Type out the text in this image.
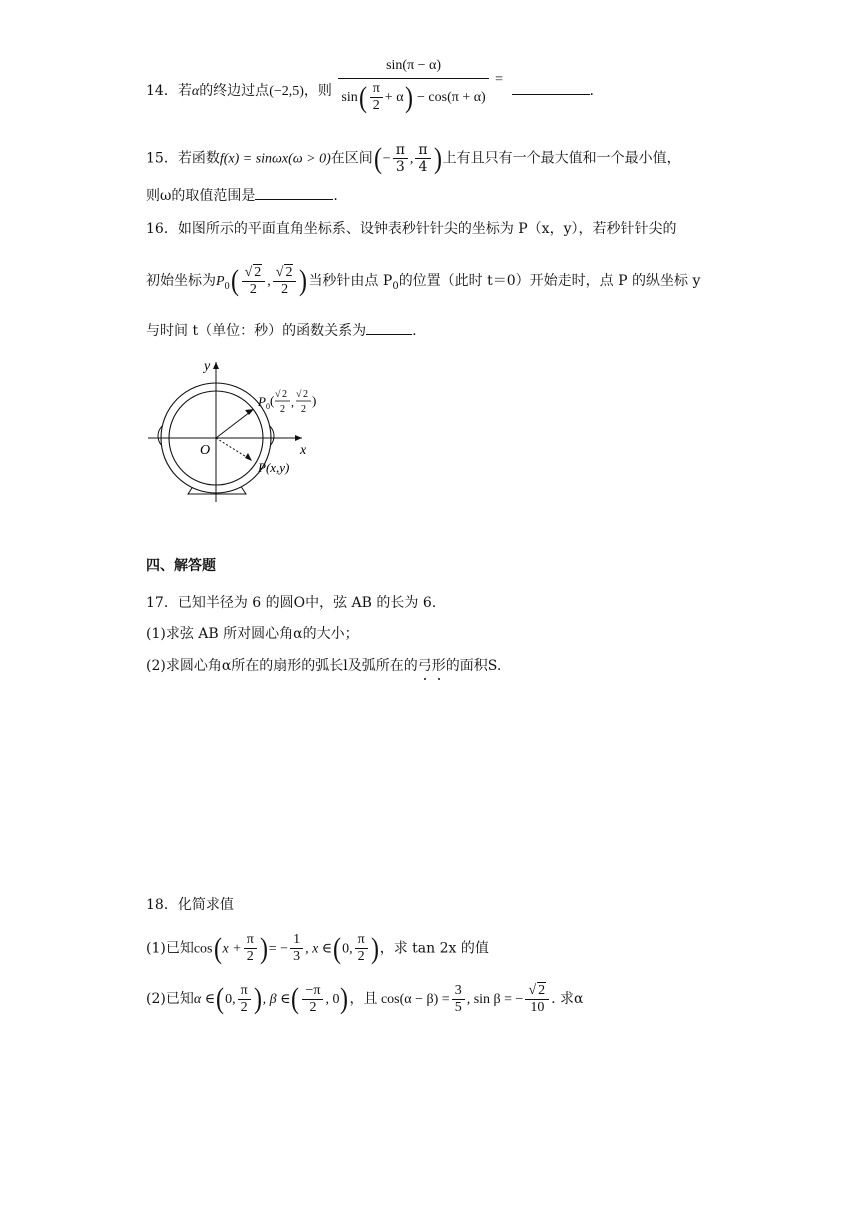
14．若α的终边过点(−2,5)，则 $\frac{\sin(\pi - \alpha)}{\sin( \frac{\pi}{2} + \alpha) - \cos(\pi + \alpha)}$ = .
15．若函数f(x) = sinωx(ω > 0)在区间(− $\frac{\pi}{3}$ , $\frac{\pi}{4}$ )上有且只有一个最大值和一个最小值，
则ω的取值范围是	.
16．如图所示的平面直角坐标系、设钟表秒针针尖的坐标为 P（x，y），若秒针针尖的
初始坐标为$P_0( \frac{√ 2}{2}$ , $\frac{√ 2}{2}$ )当秒针由点 $P_0$的位置（此时 t＝0）开始走时，点 P 的纵坐标 y
与时间 t（单位：秒）的函数关系为	.
y
x
O
P 0 ( √ 2
2
,
√ 2
2
)
P(x,y)
四、解答题
17．已知半径为 6 的圆O中，弦 AB 的长为 6.
(1)求弦 AB 所对圆心角α的大小；
(2)求圆心角α所在的扇形的弧长l及弧所在的弓形的面积S.
18．化简求值
(1)已知$\cos(x + \frac{\pi}{2}$ )= − $\frac{1}{3}$ , x ∈(0, $\frac{\pi}{2}$ )，求 tan 2x 的值
(2)已知α ∈(0, $\frac{\pi}{2}$ ), β ∈( $\frac{-\pi}{2}$ , 0)，且 $\cos(\alpha - \beta) = \frac{3}{5}$ , sin β = − $\frac{√ 2}{10}$ . 求α
